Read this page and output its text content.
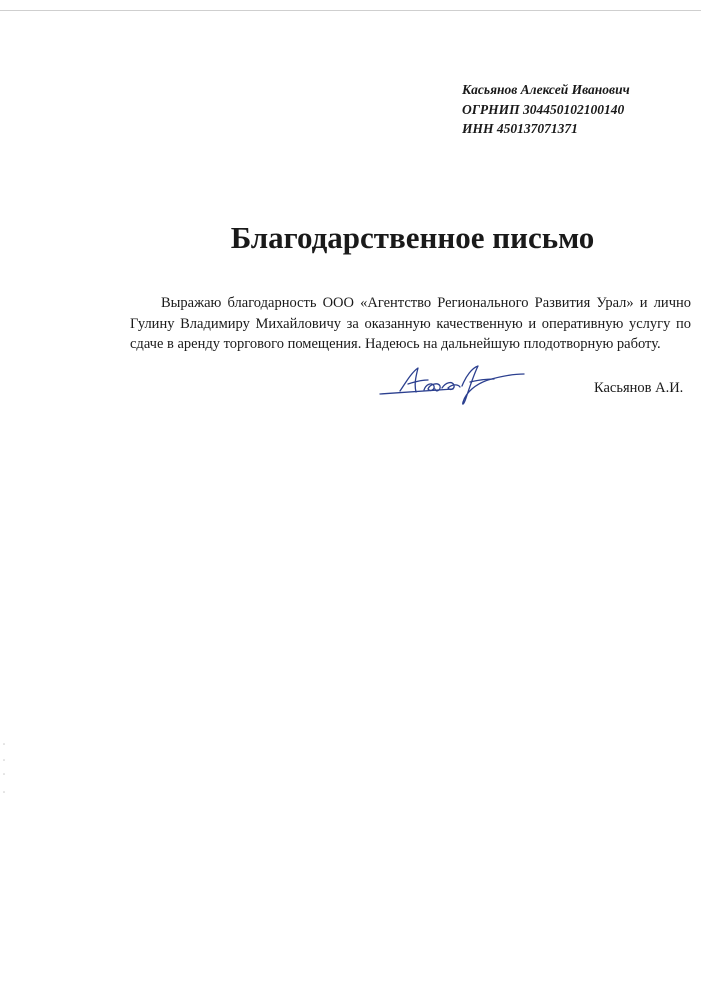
Касьянов Алексей Иванович
ОГРНИП 304450102100140
ИНН 450137071371
Благодарственное письмо

Выражаю благодарность ООО «Агентство Регионального Развития Урал» и лично Гулину Владимиру Михайловичу за оказанную качественную и оперативную услугу по сдаче в аренду торгового помещения. Надеюсь на дальнейшую плодотворную работу.

Касьянов А.И.
